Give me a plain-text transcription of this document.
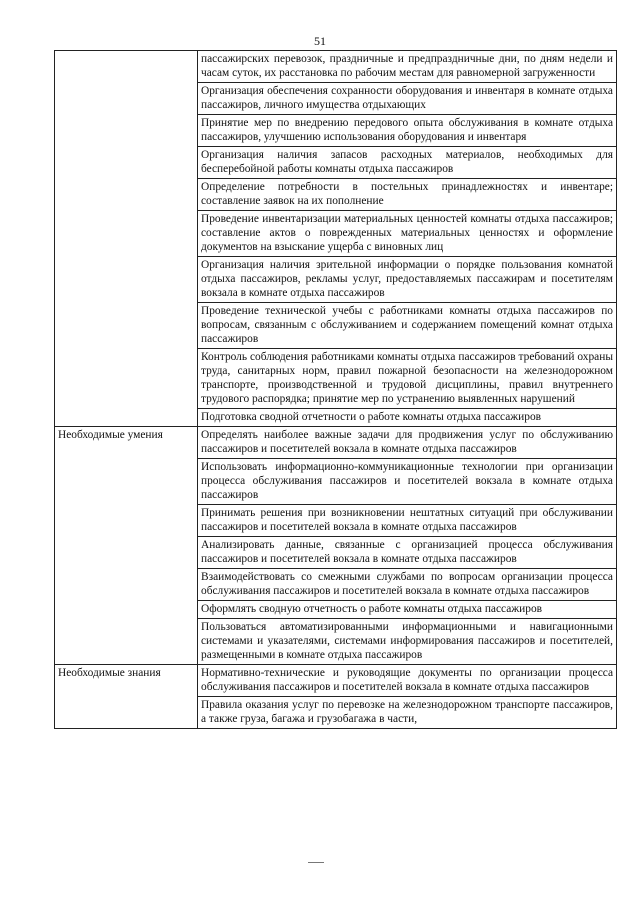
51
	пассажирских перевозок, праздничные и предпраздничные дни, по дням недели и часам суток, их расстановка по рабочим местам для равномерной загруженности
	Организация обеспечения сохранности оборудования и инвентаря в комнате отдыха пассажиров, личного имущества отдыхающих
	Принятие мер по внедрению передового опыта обслуживания в комнате отдыха пассажиров, улучшению использования оборудования и инвентаря
	Организация наличия запасов расходных материалов, необходимых для бесперебойной работы комнаты отдыха пассажиров
	Определение потребности в постельных принадлежностях и инвентаре; составление заявок на их пополнение
	Проведение инвентаризации материальных ценностей комнаты отдыха пассажиров; составление актов о поврежденных материальных ценностях и оформление документов на взыскание ущерба с виновных лиц
	Организация наличия зрительной информации о порядке пользования комнатой отдыха пассажиров, рекламы услуг, предоставляемых пассажирам и посетителям вокзала в комнате отдыха пассажиров
	Проведение технической учебы с работниками комнаты отдыха пассажиров по вопросам, связанным с обслуживанием и содержанием помещений комнат отдыха пассажиров
	Контроль соблюдения работниками комнаты отдыха пассажиров требований охраны труда, санитарных норм, правил пожарной безопасности на железнодорожном транспорте, производственной и трудовой дисциплины, правил внутреннего трудового распорядка; принятие мер по устранению выявленных нарушений
	Подготовка сводной отчетности о работе комнаты отдыха пассажиров
Необходимые умения	Определять наиболее важные задачи для продвижения услуг по обслуживанию пассажиров и посетителей вокзала в комнате отдыха пассажиров
	Использовать информационно-коммуникационные технологии при организации процесса обслуживания пассажиров и посетителей вокзала в комнате отдыха пассажиров
	Принимать решения при возникновении нештатных ситуаций при обслуживании пассажиров и посетителей вокзала в комнате отдыха пассажиров
	Анализировать данные, связанные с организацией процесса обслуживания пассажиров и посетителей вокзала в комнате отдыха пассажиров
	Взаимодействовать со смежными службами по вопросам организации процесса обслуживания пассажиров и посетителей вокзала в комнате отдыха пассажиров
	Оформлять сводную отчетность о работе комнаты отдыха пассажиров
	Пользоваться автоматизированными информационными и навигационными системами и указателями, системами информирования пассажиров и посетителей, размещенными в комнате отдыха пассажиров
Необходимые знания	Нормативно-технические и руководящие документы по организации процесса обслуживания пассажиров и посетителей вокзала в комнате отдыха пассажиров
	Правила оказания услуг по перевозке на железнодорожном транспорте пассажиров, а также груза, багажа и грузобагажа в части,
